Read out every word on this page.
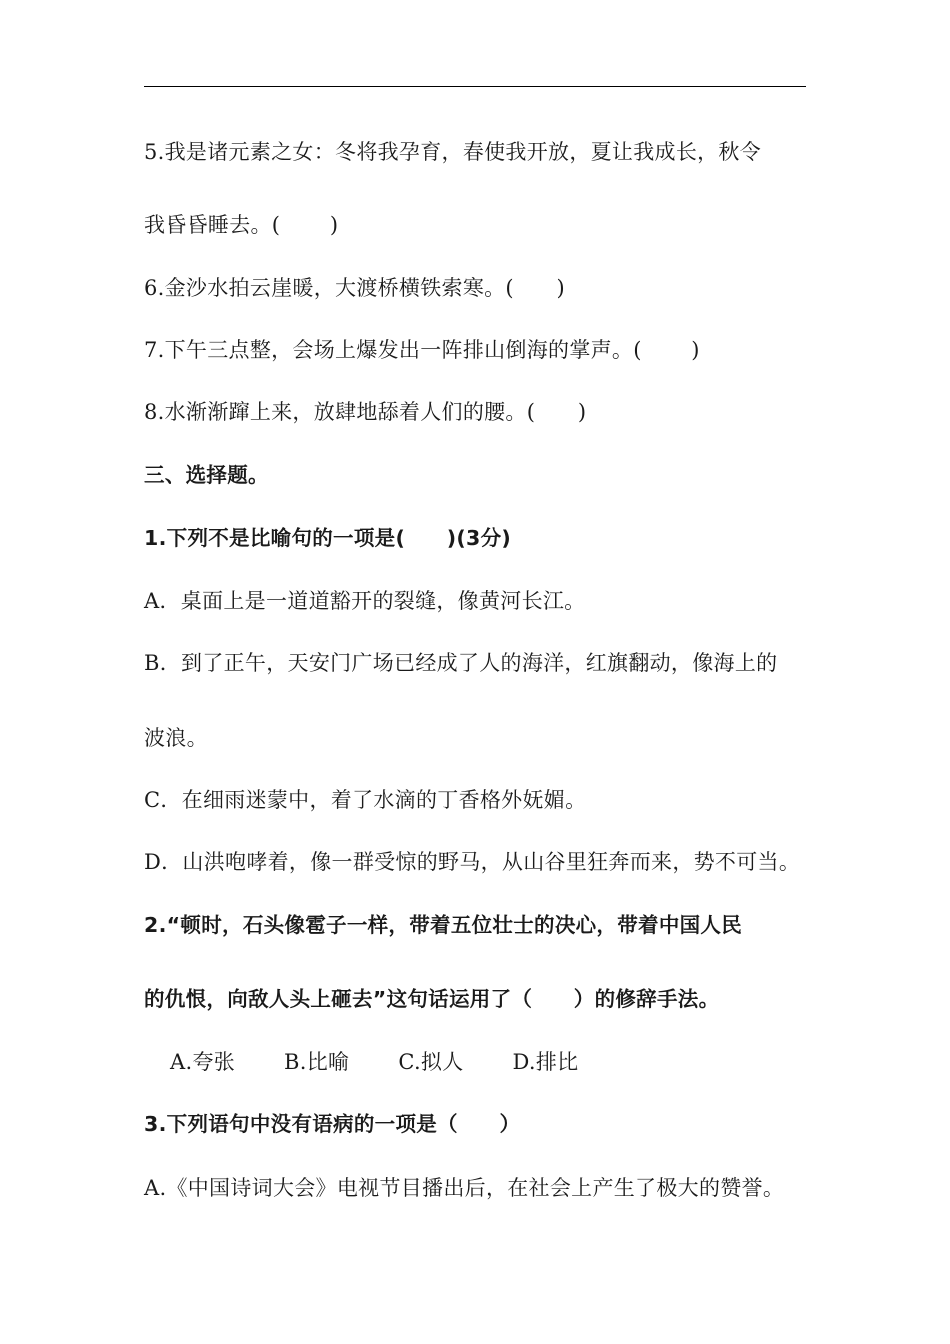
5.我是诸元素之女：冬将我孕育，春使我开放，夏让我成长，秋令
我昏昏睡去。(　　 )
6.金沙水拍云崖暖，大渡桥横铁索寒。(　　)
7.下午三点整，会场上爆发出一阵排山倒海的掌声。(　　 )
8.水渐渐蹿上来，放肆地舔着人们的腰。(　　)
三、选择题。
1.下列不是比喻句的一项是(　　)(3分)
A．桌面上是一道道豁开的裂缝，像黄河长江。
B．到了正午，天安门广场已经成了人的海洋，红旗翻动，像海上的
波浪。
C．在细雨迷蒙中，着了水滴的丁香格外妩媚。
D．山洪咆哮着，像一群受惊的野马，从山谷里狂奔而来，势不可当。
2.“顿时，石头像雹子一样，带着五位壮士的决心，带着中国人民
的仇恨，向敌人头上砸去”这句话运用了（　　）的修辞手法。
A.夸张 B.比喻 C.拟人 D.排比
3.下列语句中没有语病的一项是（　　）
A.《中国诗词大会》电视节目播出后，在社会上产生了极大的赞誉。
